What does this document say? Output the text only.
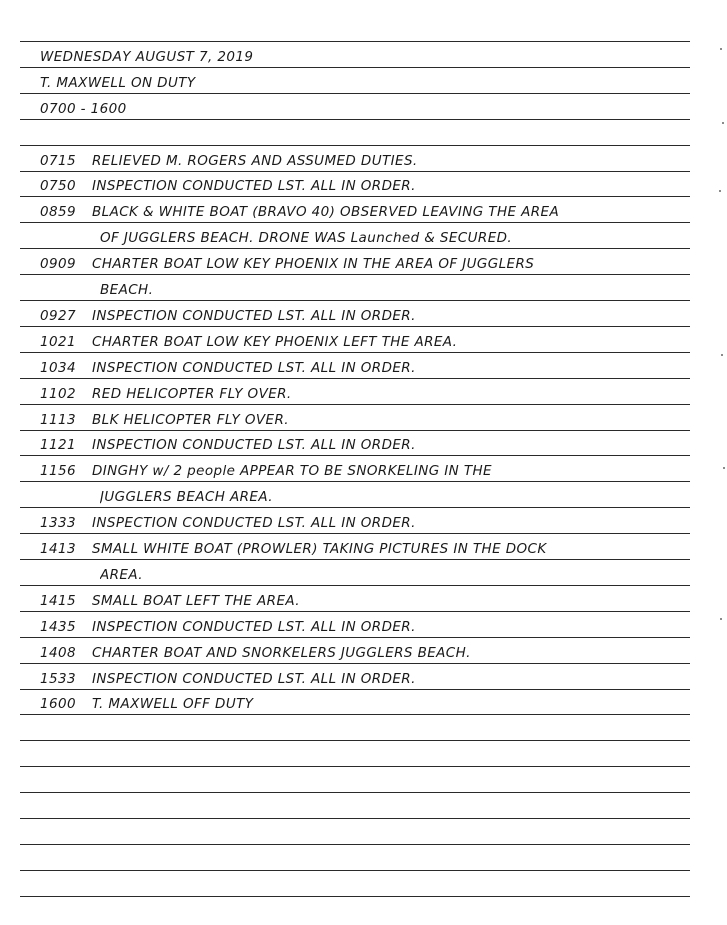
WEDNESDAY AUGUST 7, 2019
T. MAXWELL ON DUTY
0700 - 1600
0715 RELIEVED M. ROGERS AND ASSUMED DUTIES.
0750 INSPECTION CONDUCTED LST. ALL IN ORDER.
0859 BLACK & WHITE BOAT (BRAVO 40) OBSERVED LEAVING THE AREA
OF JUGGLERS BEACH. DRONE WAS Launched & SECURED.
0909 CHARTER BOAT LOW KEY PHOENIX IN THE AREA OF JUGGLERS
BEACH.
0927 INSPECTION CONDUCTED LST. ALL IN ORDER.
1021 CHARTER BOAT LOW KEY PHOENIX LEFT THE AREA.
1034 INSPECTION CONDUCTED LST. ALL IN ORDER.
1102 RED HELICOPTER FLY OVER.
1113 BLK HELICOPTER FLY OVER.
1121 INSPECTION CONDUCTED LST. ALL IN ORDER.
1156 DINGHY w/ 2 people APPEAR TO BE SNORKELING IN THE
JUGGLERS BEACH AREA.
1333 INSPECTION CONDUCTED LST. ALL IN ORDER.
1413 SMALL WHITE BOAT (PROWLER) TAKING PICTURES IN THE DOCK
AREA.
1415 SMALL BOAT LEFT THE AREA.
1435 INSPECTION CONDUCTED LST. ALL IN ORDER.
1408 CHARTER BOAT AND SNORKELERS JUGGLERS BEACH.
1533 INSPECTION CONDUCTED LST. ALL IN ORDER.
1600 T. MAXWELL OFF DUTY
